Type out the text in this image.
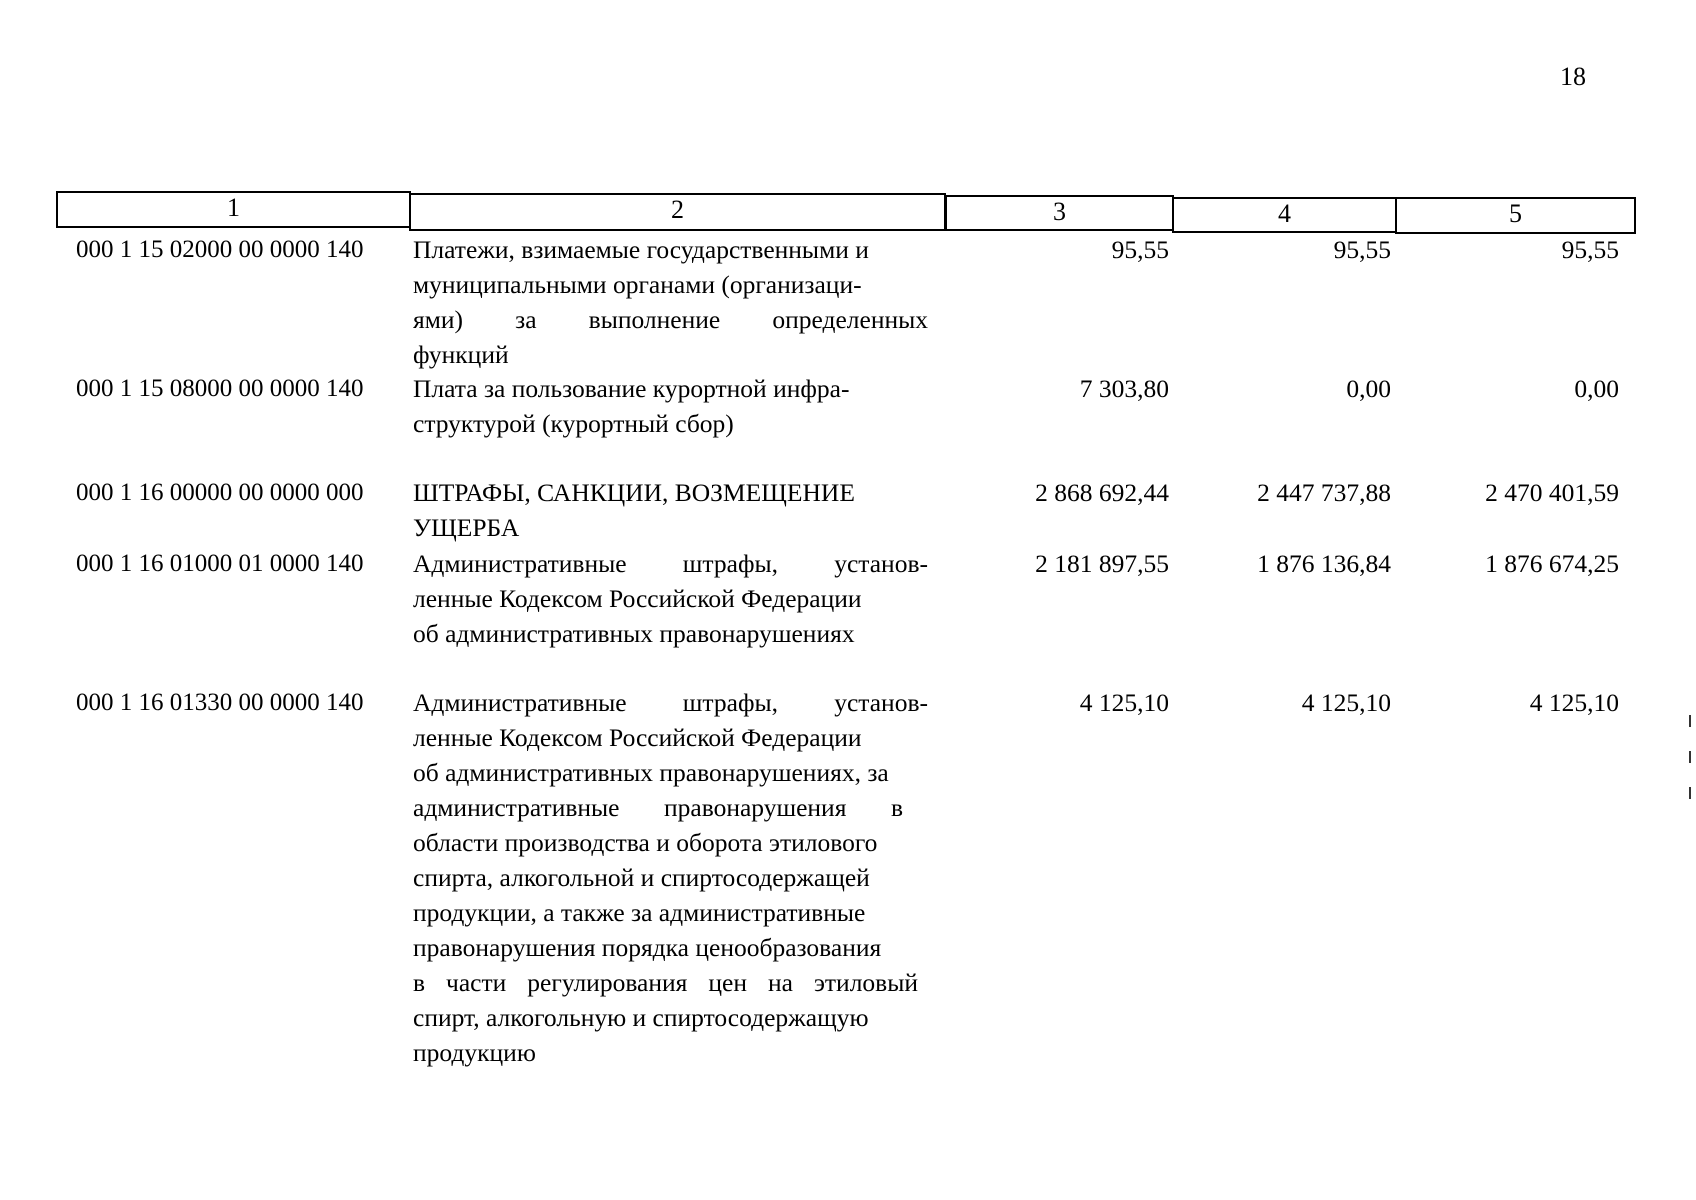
18
1	2	3	4	5
000 1 15 02000 00 0000 140	Платежи, взимаемые государственными и
муниципальными органами (организаци-
ями) за выполнение определенных
функций
95,55	95,55	95,55
000 1 15 08000 00 0000 140	Плата за пользование курортной инфра-
структурой (курортный сбор)
7 303,80	0,00	0,00
000 1 16 00000 00 0000 000	ШТРАФЫ, САНКЦИИ, ВОЗМЕЩЕНИЕ
УЩЕРБА
2 868 692,44	2 447 737,88	2 470 401,59
000 1 16 01000 01 0000 140	Административные штрафы, установ-
ленные Кодексом Российской Федерации
об административных правонарушениях
2 181 897,55	1 876 136,84	1 876 674,25
000 1 16 01330 00 0000 140	Административные штрафы, установ-
ленные Кодексом Российской Федерации
об административных правонарушениях, за
административные правонарушения в
области производства и оборота этилового
спирта, алкогольной и спиртосодержащей
продукции, а также за административные
правонарушения порядка ценообразования
в части регулирования цен на этиловый
спирт, алкогольную и спиртосодержащую
продукцию
4 125,10	4 125,10	4 125,10
